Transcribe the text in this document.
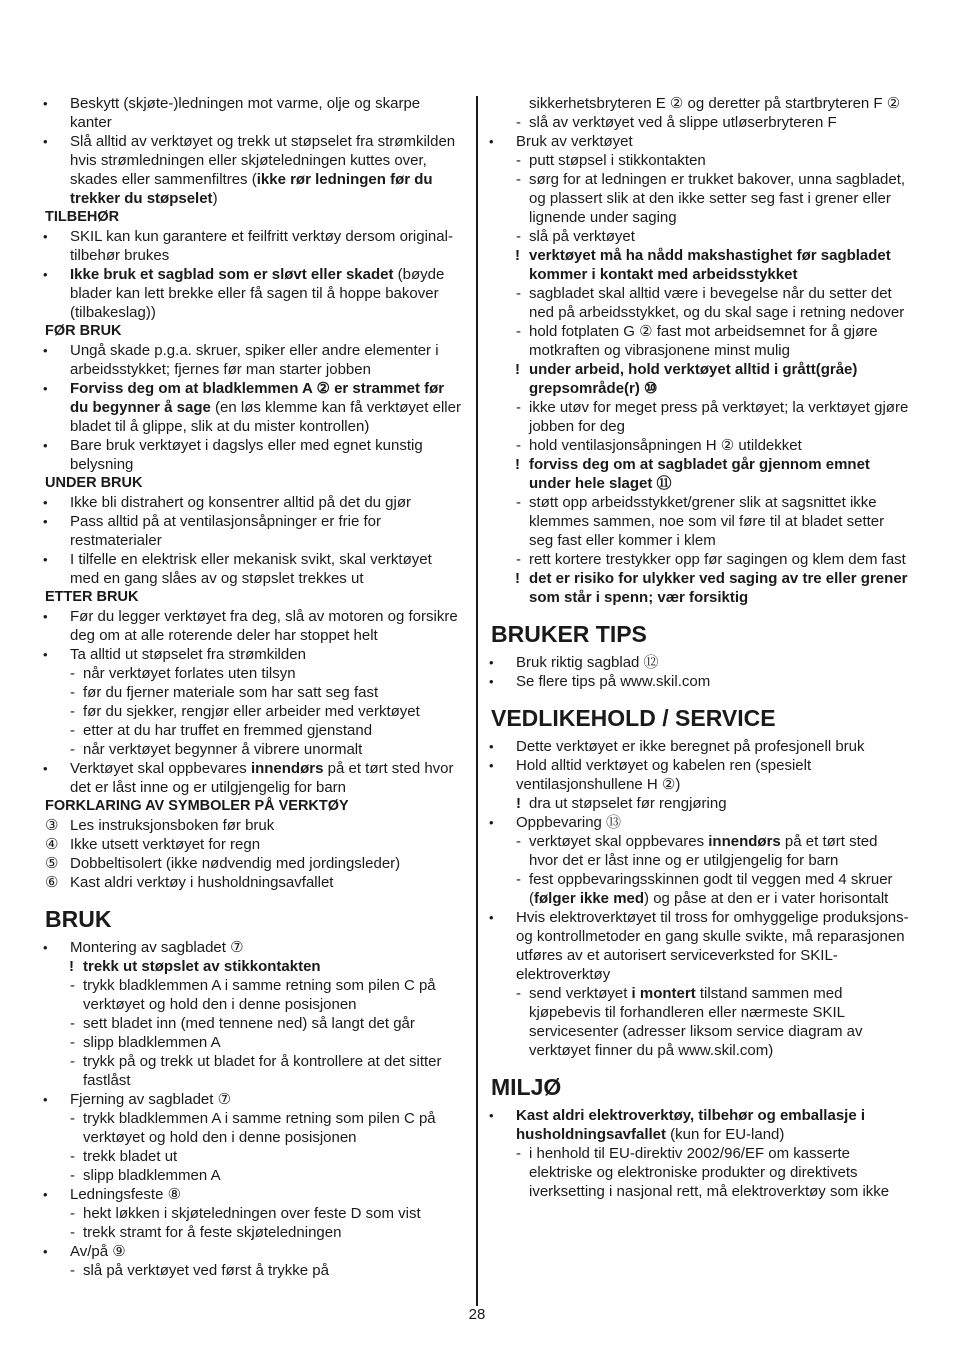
•	Beskytt (skjøte-)ledningen mot varme, olje og skarpe kanter
•	Slå alltid av verktøyet og trekk ut støpselet fra strømkilden hvis strømledningen eller skjøteledningen kuttes over, skades eller sammenfiltres (ikke rør ledningen før du trekker du støpselet)
TILBEHØR
•	SKIL kan kun garantere et feilfritt verktøy dersom original-tilbehør brukes
•	Ikke bruk et sagblad som er sløvt eller skadet (bøyde blader kan lett brekke eller få sagen til å hoppe bakover (tilbakeslag))
FØR BRUK
•	Ungå skade p.g.a. skruer, spiker eller andre elementer i arbeidsstykket; fjernes før man starter jobben
•	Forviss deg om at bladklemmen A ② er strammet før du begynner å sage (en løs klemme kan få verktøyet eller bladet til å glippe, slik at du mister kontrollen)
•	Bare bruk verktøyet i dagslys eller med egnet kunstig belysning
UNDER BRUK
•	Ikke bli distrahert og konsentrer alltid på det du gjør
•	Pass alltid på at ventilasjonsåpninger er frie for restmaterialer
•	I tilfelle en elektrisk eller mekanisk svikt, skal verktøyet med en gang slåes av og støpslet trekkes ut
ETTER BRUK
•	Før du legger verktøyet fra deg, slå av motoren og forsikre deg om at alle roterende deler har stoppet helt
•	Ta alltid ut støpselet fra strømkilden
- når verktøyet forlates uten tilsyn
- før du fjerner materiale som har satt seg fast
- før du sjekker, rengjør eller arbeider med verktøyet
- etter at du har truffet en fremmed gjenstand
- når verktøyet begynner å vibrere unormalt
•	Verktøyet skal oppbevares innendørs på et tørt sted hvor det er låst inne og er utilgjengelig for barn
FORKLARING AV SYMBOLER PÅ VERKTØY
③ Les instruksjonsboken før bruk
④ Ikke utsett verktøyet for regn
⑤ Dobbeltisolert (ikke nødvendig med jordingsleder)
⑥ Kast aldri verktøy i husholdningsavfallet
BRUK
•	Montering av sagbladet ⑦
! trekk ut støpslet av stikkontakten
- trykk bladklemmen A i samme retning som pilen C på verktøyet og hold den i denne posisjonen
- sett bladet inn (med tennene ned) så langt det går
- slipp bladklemmen A
- trykk på og trekk ut bladet for å kontrollere at det sitter fastlåst
•	Fjerning av sagbladet ⑦
- trykk bladklemmen A i samme retning som pilen C på verktøyet og hold den i denne posisjonen
- trekk bladet ut
- slipp bladklemmen A
•	Ledningsfeste ⑧
- hekt løkken i skjøteledningen over feste D som vist
- trekk stramt for å feste skjøteledningen
•	Av/på ⑨
- slå på verktøyet ved først å trykke på
sikkerhetsbryteren E ② og deretter på startbryteren F ②
- slå av verktøyet ved å slippe utløserbryteren F
•	Bruk av verktøyet
- putt støpsel i stikkontakten
- sørg for at ledningen er trukket bakover, unna sagbladet, og plassert slik at den ikke setter seg fast i grener eller lignende under saging
- slå på verktøyet
! verktøyet må ha nådd makshastighet før sagbladet kommer i kontakt med arbeidsstykket
- sagbladet skal alltid være i bevegelse når du setter det ned på arbeidsstykket, og du skal sage i retning nedover
- hold fotplaten G ② fast mot arbeidsemnet for å gjøre motkraften og vibrasjonene minst mulig
! under arbeid, hold verktøyet alltid i grått(gråe) grepsområde(r) ⑩
- ikke utøv for meget press på verktøyet; la verktøyet gjøre jobben for deg
- hold ventilasjonsåpningen H ② utildekket
! forviss deg om at sagbladet går gjennom emnet under hele slaget ⑪
- støtt opp arbeidsstykket/grener slik at sagsnittet ikke klemmes sammen, noe som vil føre til at bladet setter seg fast eller kommer i klem
- rett kortere trestykker opp før sagingen og klem dem fast
! det er risiko for ulykker ved saging av tre eller grener som står i spenn; vær forsiktig
BRUKER TIPS
•	Bruk riktig sagblad ⑫
•	Se flere tips på www.skil.com
VEDLIKEHOLD / SERVICE
•	Dette verktøyet er ikke beregnet på profesjonell bruk
•	Hold alltid verktøyet og kabelen ren (spesielt ventilasjonshullene H ②)
! dra ut støpselet før rengjøring
•	Oppbevaring ⑬
- verktøyet skal oppbevares innendørs på et tørt sted hvor det er låst inne og er utilgjengelig for barn
- fest oppbevaringsskinnen godt til veggen med 4 skruer (følger ikke med) og påse at den er i vater horisontalt
•	Hvis elektroverktøyet til tross for omhyggelige produksjons- og kontrollmetoder en gang skulle svikte, må reparasjonen utføres av et autorisert serviceverksted for SKIL-elektroverktøy
- send verktøyet i montert tilstand sammen med kjøpebevis til forhandleren eller nærmeste SKIL servicesenter (adresser liksom service diagram av verktøyet finner du på www.skil.com)
MILJØ
•	Kast aldri elektroverktøy, tilbehør og emballasje i husholdningsavfallet (kun for EU-land)
- i henhold til EU-direktiv 2002/96/EF om kasserte elektriske og elektroniske produkter og direktivets iverksetting i nasjonal rett, må elektroverktøy som ikke
28
